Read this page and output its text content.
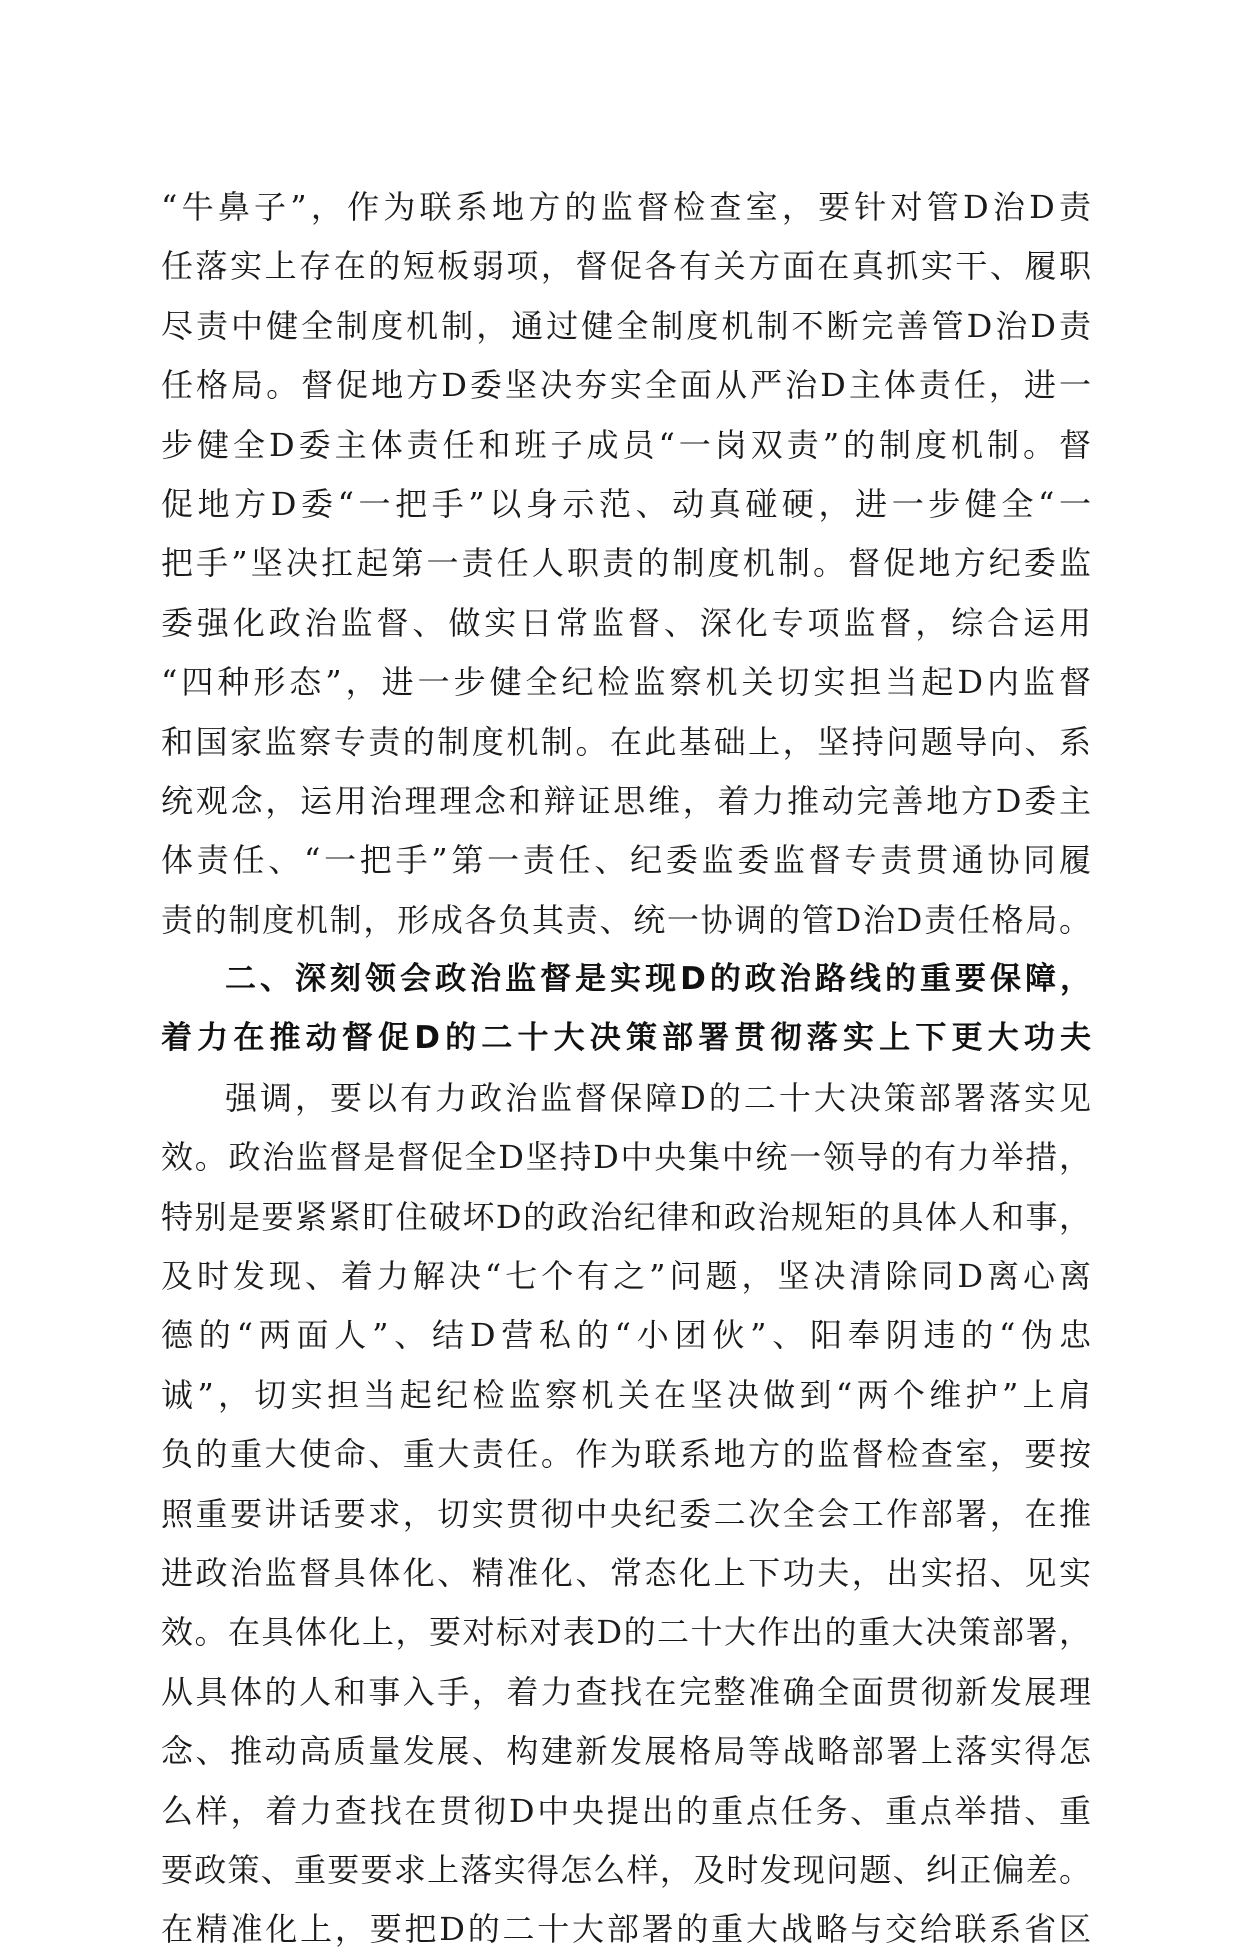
“牛鼻子”，作为联系地方的监督检查室，要针对管D治D责
任落实上存在的短板弱项，督促各有关方面在真抓实干、履职
尽责中健全制度机制，通过健全制度机制不断完善管D治D责
任格局。督促地方D委坚决夯实全面从严治D主体责任，进一
步健全D委主体责任和班子成员“一岗双责”的制度机制。督
促地方D委“一把手”以身示范、动真碰硬，进一步健全“一
把手”坚决扛起第一责任人职责的制度机制。督促地方纪委监
委强化政治监督、做实日常监督、深化专项监督，综合运用
“四种形态”，进一步健全纪检监察机关切实担当起D内监督
和国家监察专责的制度机制。在此基础上，坚持问题导向、系
统观念，运用治理理念和辩证思维，着力推动完善地方D委主
体责任、“一把手”第一责任、纪委监委监督专责贯通协同履
责的制度机制，形成各负其责、统一协调的管D治D责任格局。
二、深刻领会政治监督是实现D的政治路线的重要保障，
着力在推动督促D的二十大决策部署贯彻落实上下更大功夫
强调，要以有力政治监督保障D的二十大决策部署落实见
效。政治监督是督促全D坚持D中央集中统一领导的有力举措，
特别是要紧紧盯住破坏D的政治纪律和政治规矩的具体人和事，
及时发现、着力解决“七个有之”问题，坚决清除同D离心离
德的“两面人”、结D营私的“小团伙”、阳奉阴违的“伪忠
诚”，切实担当起纪检监察机关在坚决做到“两个维护”上肩
负的重大使命、重大责任。作为联系地方的监督检查室，要按
照重要讲话要求，切实贯彻中央纪委二次全会工作部署，在推
进政治监督具体化、精准化、常态化上下功夫，出实招、见实
效。在具体化上，要对标对表D的二十大作出的重大决策部署，
从具体的人和事入手，着力查找在完整准确全面贯彻新发展理
念、推动高质量发展、构建新发展格局等战略部署上落实得怎
么样，着力查找在贯彻D中央提出的重点任务、重点举措、重
要政策、重要要求上落实得怎么样，及时发现问题、纠正偏差。
在精准化上，要把D的二十大部署的重大战略与交给联系省区
